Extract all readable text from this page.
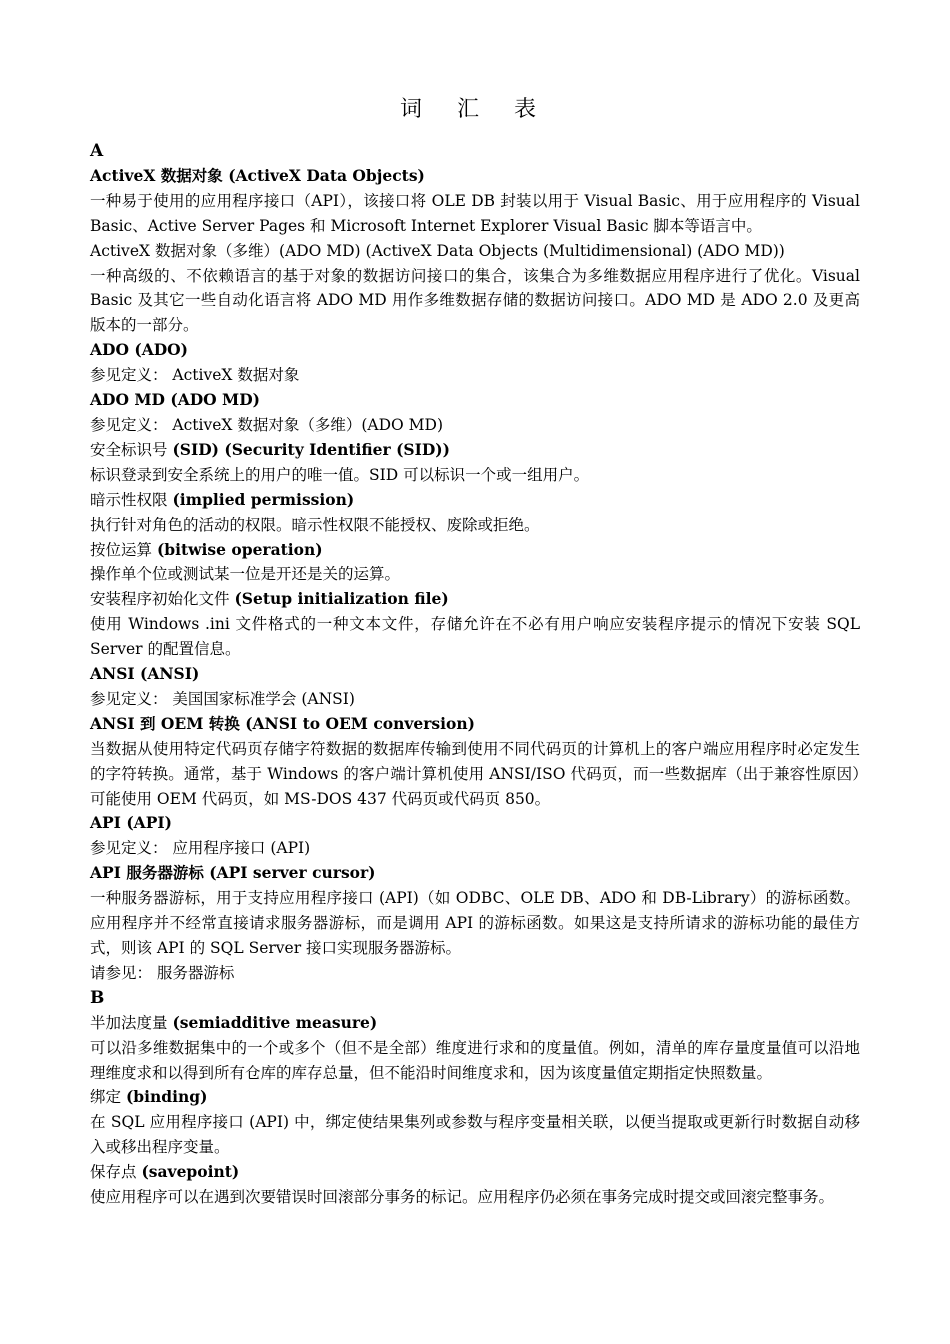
词 汇 表
A
ActiveX 数据对象 (ActiveX Data Objects)
一种易于使用的应用程序接口（API），该接口将 OLE DB 封装以用于 Visual Basic、用于应用程序的 Visual Basic、Active Server Pages 和 Microsoft Internet Explorer Visual Basic 脚本等语言中。
ActiveX 数据对象（多维）(ADO MD) (ActiveX Data Objects (Multidimensional) (ADO MD))
一种高级的、不依赖语言的基于对象的数据访问接口的集合，该集合为多维数据应用程序进行了优化。Visual Basic 及其它一些自动化语言将 ADO MD 用作多维数据存储的数据访问接口。ADO MD 是 ADO 2.0 及更高版本的一部分。
ADO (ADO)
参见定义： ActiveX 数据对象
ADO MD (ADO MD)
参见定义： ActiveX 数据对象（多维）(ADO MD)
安全标识号 (SID) (Security Identifier (SID))
标识登录到安全系统上的用户的唯一值。SID 可以标识一个或一组用户。
暗示性权限 (implied permission)
执行针对角色的活动的权限。暗示性权限不能授权、废除或拒绝。
按位运算 (bitwise operation)
操作单个位或测试某一位是开还是关的运算。
安装程序初始化文件 (Setup initialization file)
使用 Windows .ini 文件格式的一种文本文件，存储允许在不必有用户响应安装程序提示的情况下安装 SQL Server 的配置信息。
ANSI (ANSI)
参见定义： 美国国家标准学会 (ANSI)
ANSI 到 OEM 转换 (ANSI to OEM conversion)
当数据从使用特定代码页存储字符数据的数据库传输到使用不同代码页的计算机上的客户端应用程序时必定发生的字符转换。通常，基于 Windows 的客户端计算机使用 ANSI/ISO 代码页，而一些数据库（出于兼容性原因）可能使用 OEM 代码页，如 MS-DOS 437 代码页或代码页 850。
API (API)
参见定义： 应用程序接口 (API)
API 服务器游标 (API server cursor)
一种服务器游标，用于支持应用程序接口 (API)（如 ODBC、OLE DB、ADO 和 DB-Library）的游标函数。应用程序并不经常直接请求服务器游标，而是调用 API 的游标函数。如果这是支持所请求的游标功能的最佳方式，则该 API 的 SQL Server 接口实现服务器游标。
请参见： 服务器游标
B
半加法度量 (semiadditive measure)
可以沿多维数据集中的一个或多个（但不是全部）维度进行求和的度量值。例如，清单的库存量度量值可以沿地理维度求和以得到所有仓库的库存总量，但不能沿时间维度求和，因为该度量值定期指定快照数量。
绑定 (binding)
在 SQL 应用程序接口 (API) 中，绑定使结果集列或参数与程序变量相关联，以便当提取或更新行时数据自动移入或移出程序变量。
保存点 (savepoint)
使应用程序可以在遇到次要错误时回滚部分事务的标记。应用程序仍必须在事务完成时提交或回滚完整事务。
